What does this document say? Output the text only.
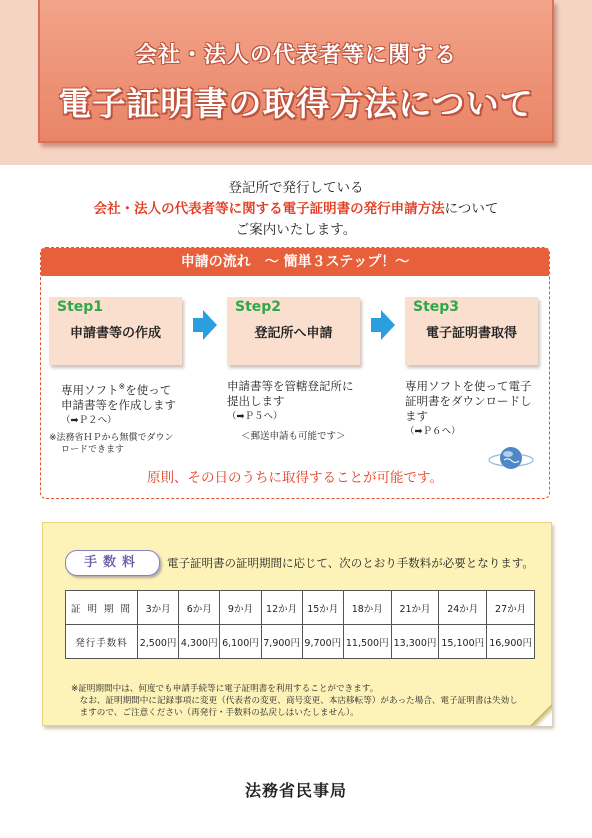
会社・法人の代表者等に関する
電子証明書の取得方法について
登記所で発行している
会社・法人の代表者等に関する電子証明書の発行申請方法について
ご案内いたします。
申請の流れ　～ 簡単３ステップ！～
Step1
申請書等の作成
Step2
登記所へ申請
Step3
電子証明書取得
専用ソフト※を使って
申請書等を作成します
（➡Ｐ２へ）
※法務省ＨＰから無償でダウン
ロードできます
申請書等を管轄登記所に
提出します
（➡Ｐ５へ）
＜郵送申請も可能です＞
専用ソフトを使って電子
証明書をダウンロードし
ます
（➡Ｐ６へ）
原則、その日のうちに取得することが可能です。
手数料	電子証明書の証明期間に応じて、次のとおり手数料が必要となります。
証 明 期 間	3か月	6か月	9か月	12か月	15か月	18か月	21か月	24か月	27か月
発行手数料	2,500円	4,300円	6,100円	7,900円	9,700円	11,500円	13,300円	15,100円	16,900円
※証明期間中は、何度でも申請手続等に電子証明書を利用することができます。
　なお、証明期間中に記録事項に変更（代表者の変更、商号変更、本店移転等）があった場合、電子証明書は失効し
　ますので、ご注意ください（再発行・手数料の払戻しはいたしません）。
法務省民事局
